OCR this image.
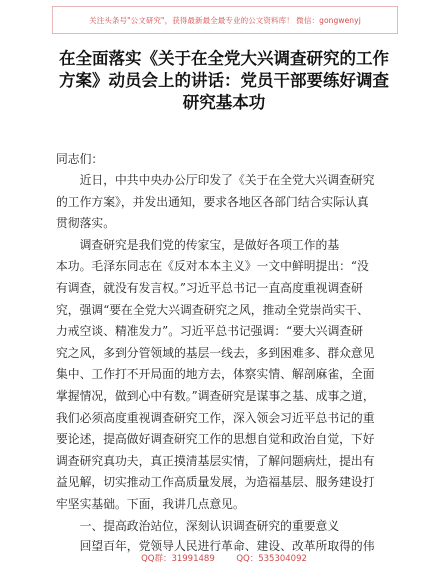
关注头条号"公文研究"，获得最新最全最专业的公文资料库！ 微信：gongwenyj
在全面落实《关于在全党大兴调查研究的工作
方案》动员会上的讲话：党员干部要练好调查
研究基本功
同志们：
　　近日，中共中央办公厅印发了《关于在全党大兴调查研究
的工作方案》，并发出通知，要求各地区各部门结合实际认真
贯彻落实。
　　调查研究是我们党的传家宝，是做好各项工作的基
本功。毛泽东同志在《反对本本主义》一文中鲜明提出：“没
有调查，就没有发言权。”习近平总书记一直高度重视调查研
究，强调“要在全党大兴调查研究之风，推动全党崇尚实干、
力戒空谈、精准发力”。习近平总书记强调：“要大兴调查研
究之风，多到分管领域的基层一线去，多到困难多、群众意见
集中、工作打不开局面的地方去，体察实情、解剖麻雀，全面
掌握情况，做到心中有数。”调查研究是谋事之基、成事之道，
我们必须高度重视调查研究工作，深入领会习近平总书记的重
要论述，提高做好调查研究工作的思想自觉和政治自觉，下好
调查研究真功夫，真正摸清基层实情，了解问题病灶，提出有
益见解，切实推动工作高质量发展，为造福基层、服务建设打
牢坚实基础。下面，我讲几点意见。
　　一、提高政治站位，深刻认识调查研究的重要意义
　　回望百年，党领导人民进行革命、建设、改革所取得的伟
QQ群：31991489        QQ：535304092
